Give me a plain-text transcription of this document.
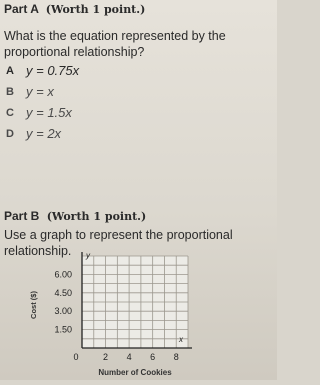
Part A (Worth 1 point.)
What is the equation represented by the proportional relationship?
A y = 0.75x
B y = x
C y = 1.5x
D y = 2x
Part B (Worth 1 point.)
Use a graph to represent the proportional relationship.	y
x
1.50
3.00
4.50
6.00
0	2 4 6 8
Number of Cookies
Cost ($)
